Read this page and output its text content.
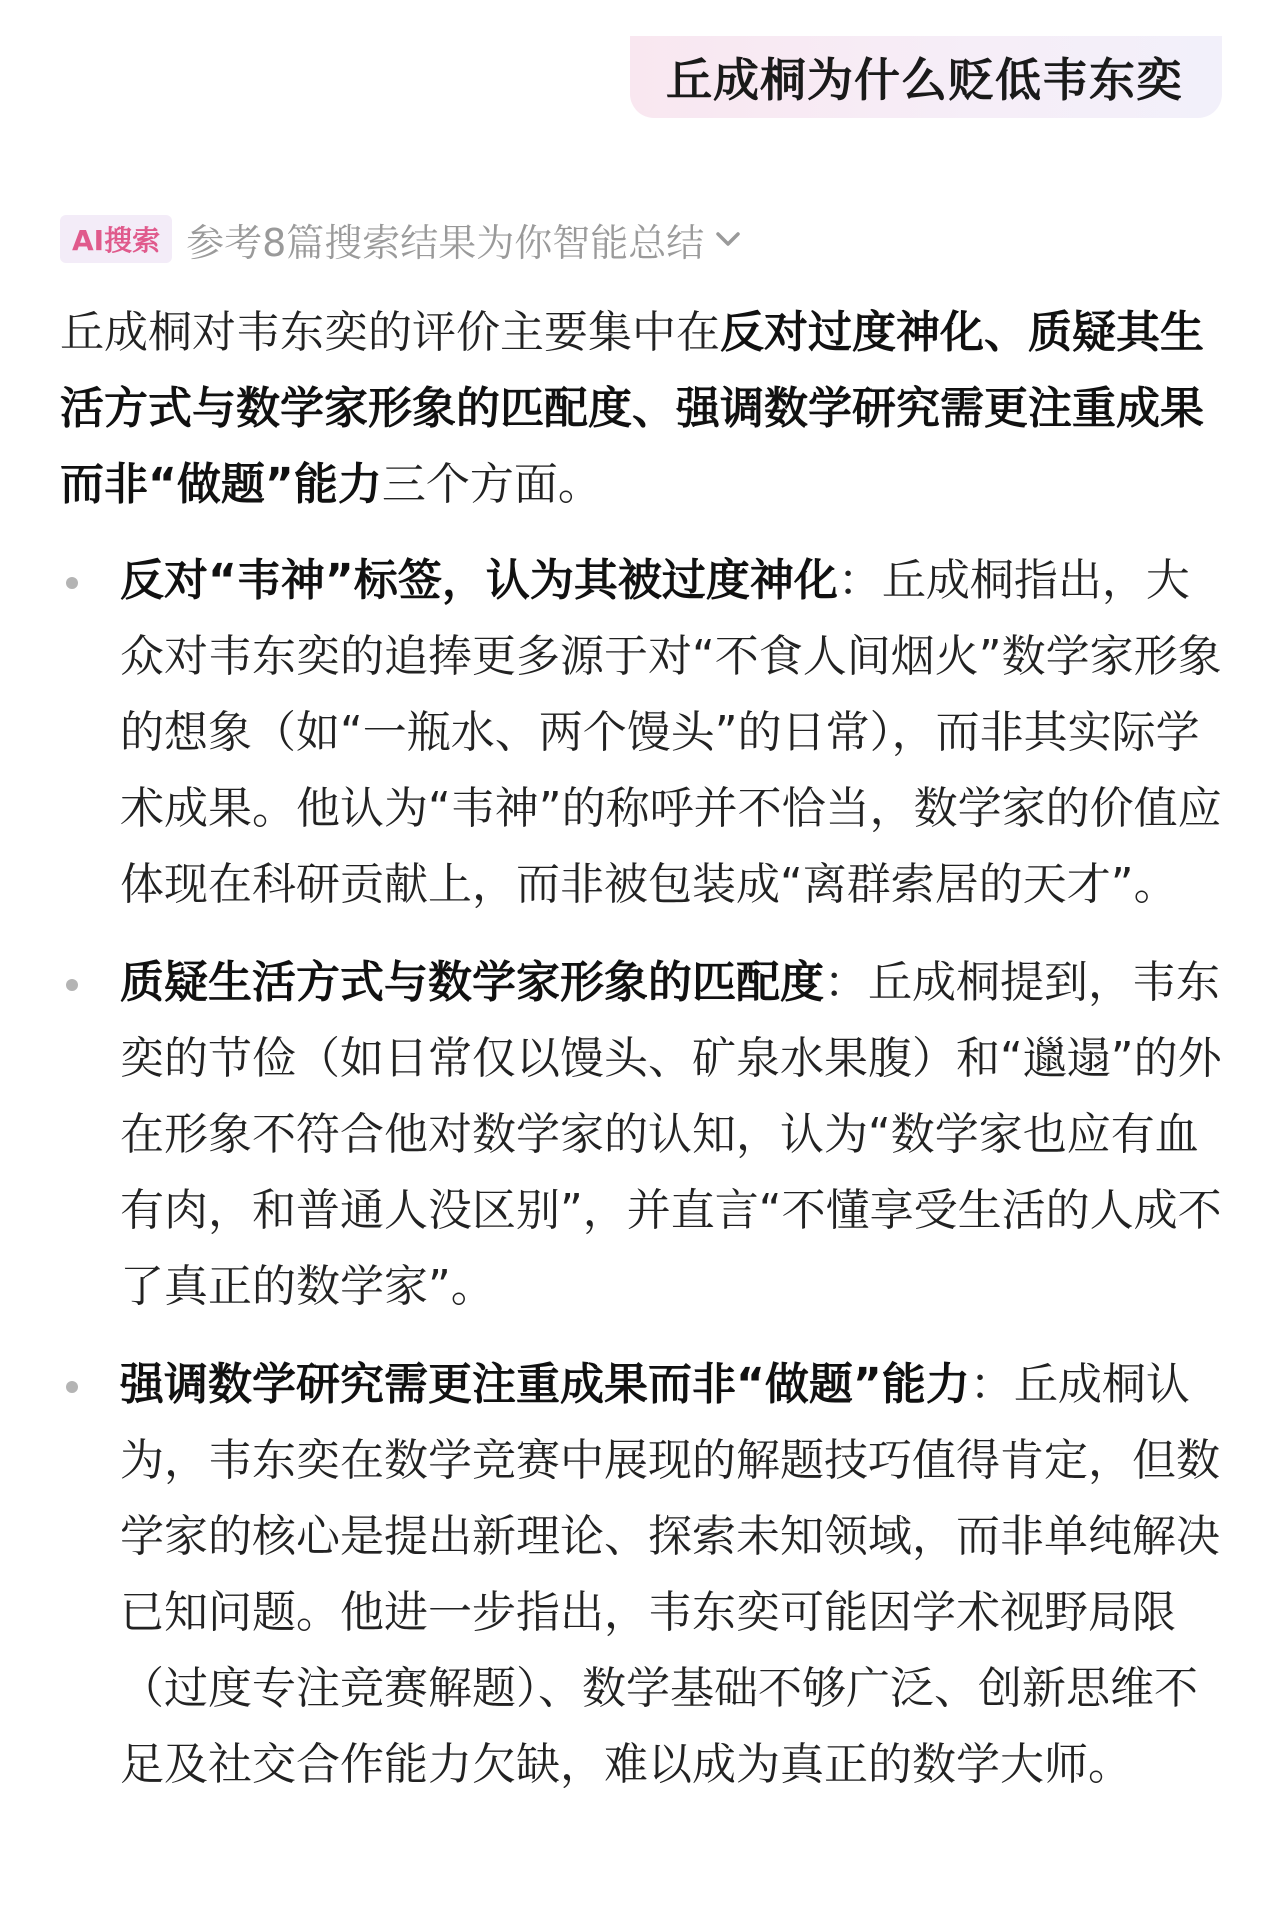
丘成桐为什么贬低韦东奕
AI搜索 参考8篇搜索结果为你智能总结

丘成桐对韦东奕的评价主要集中在反对过度神化、质疑其生活方式与数学家形象的匹配度、强调数学研究需更注重成果而非“做题”能力三个方面。

反对“韦神”标签，认为其被过度神化：丘成桐指出，大众对韦东奕的追捧更多源于对“不食人间烟火”数学家形象的想象（如“一瓶水、两个馒头”的日常），而非其实际学术成果。他认为“韦神”的称呼并不恰当，数学家的价值应体现在科研贡献上，而非被包装成“离群索居的天才”。
质疑生活方式与数学家形象的匹配度：丘成桐提到，韦东奕的节俭（如日常仅以馒头、矿泉水果腹）和“邋遢”的外在形象不符合他对数学家的认知，认为“数学家也应有血有肉，和普通人没区别”，并直言“不懂享受生活的人成不了真正的数学家”。
强调数学研究需更注重成果而非“做题”能力：丘成桐认为，韦东奕在数学竞赛中展现的解题技巧值得肯定，但数学家的核心是提出新理论、探索未知领域，而非单纯解决已知问题。他进一步指出，韦东奕可能因学术视野局限（过度专注竞赛解题）、数学基础不够广泛、创新思维不足及社交合作能力欠缺，难以成为真正的数学大师。
